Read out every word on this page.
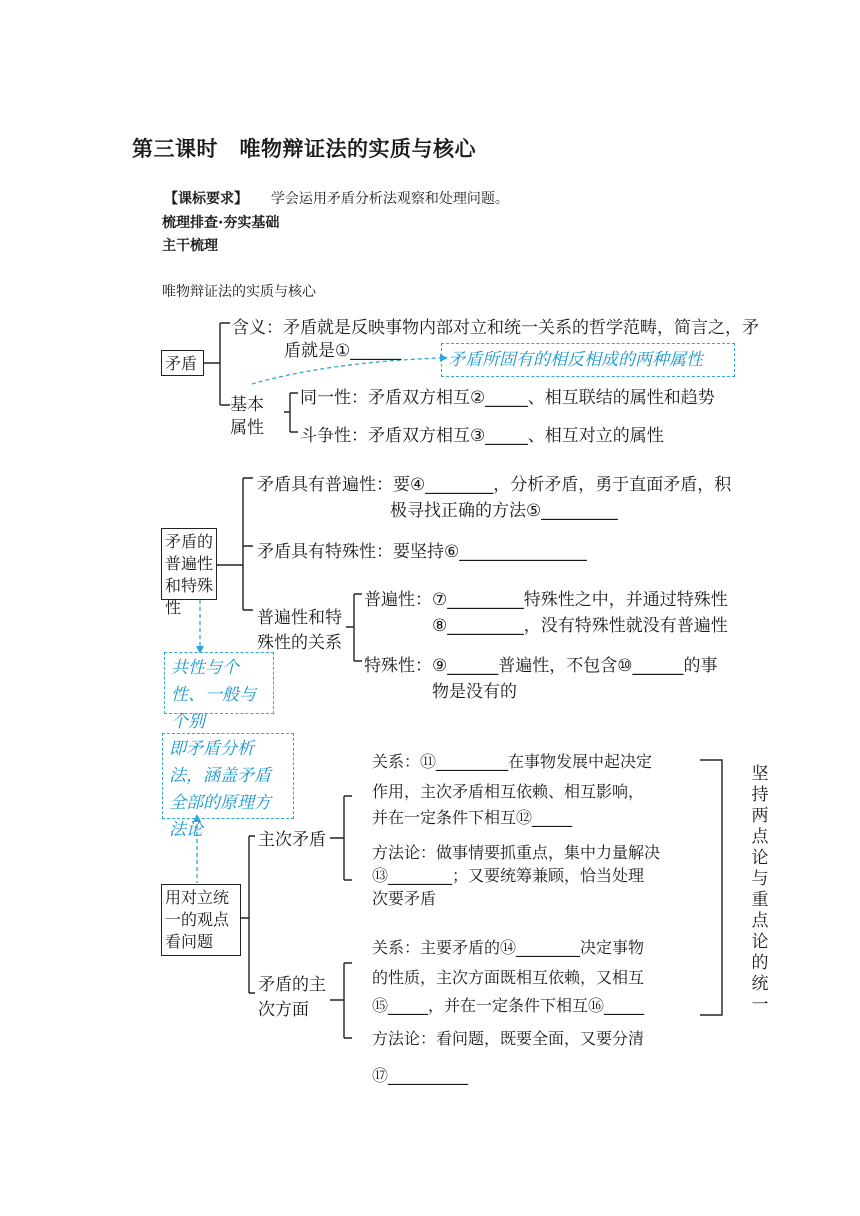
第三课时　唯物辩证法的实质与核心
【课标要求】 学会运用矛盾分析法观察和处理问题。
梳理排查·夯实基础
主干梳理
唯物辩证法的实质与核心
矛盾
含义：矛盾就是反映事物内部对立和统一关系的哲学范畴，简言之，矛
盾就是①______	矛盾所固有的相反相成的两种属性
基本
属性
同一性：矛盾双方相互②_____、相互联结的属性和趋势
斗争性：矛盾双方相互③_____、相互对立的属性
矛盾的普遍性和特殊性
矛盾具有普遍性：要④________，分析矛盾，勇于直面矛盾，积
极寻找正确的方法⑤_________
矛盾具有特殊性：要坚持⑥_______________
普遍性和特
殊性的关系
普遍性：⑦_________特殊性之中，并通过特殊性
⑧_________，没有特殊性就没有普遍性
特殊性：⑨______普遍性，不包含⑩______的事
物是没有的
共性与个性、一般与个别
即矛盾分析法，涵盖矛盾全部的原理方法论
用对立统一的观点看问题
主次矛盾
关系：⑪_________在事物发展中起决定
作用，主次矛盾相互依赖、相互影响，
并在一定条件下相互⑫_____
方法论：做事情要抓重点，集中力量解决
⑬________；又要统筹兼顾，恰当处理
次要矛盾
矛盾的主
次方面
关系：主要矛盾的⑭________决定事物
的性质，主次方面既相互依赖，又相互
⑮_____，并在一定条件下相互⑯_____
方法论：看问题，既要全面，又要分清
⑰__________
坚持两点论与重点论的统一
